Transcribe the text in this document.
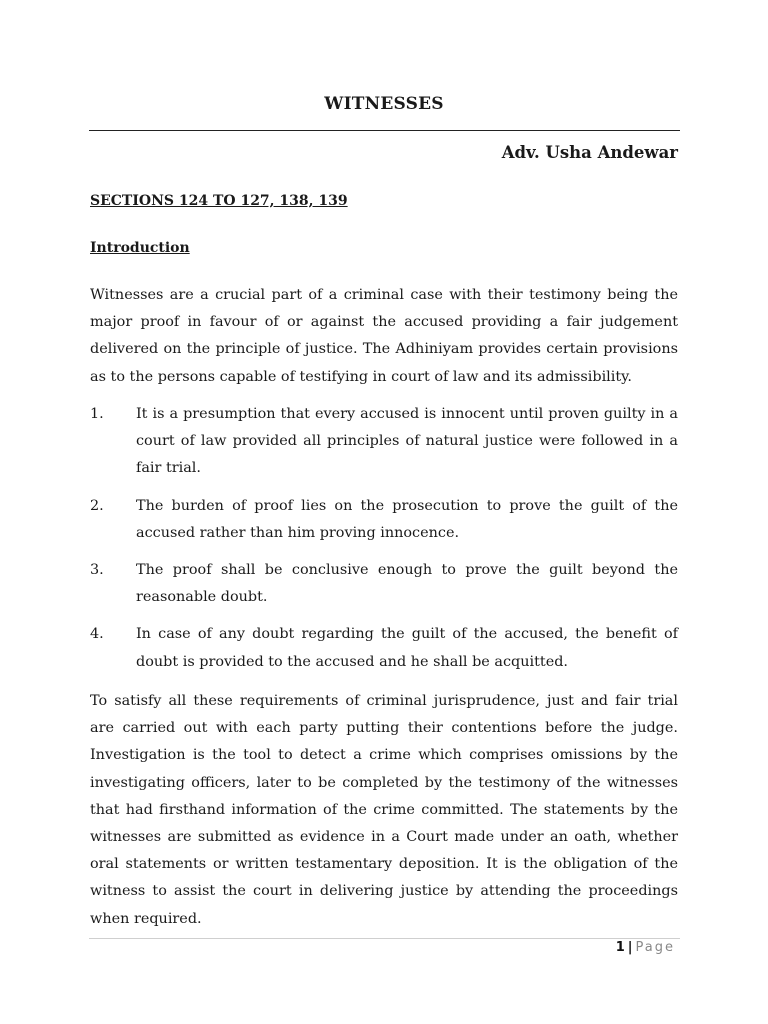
WITNESSES
Adv. Usha Andewar
SECTIONS 124 TO 127, 138, 139
Introduction
Witnesses are a crucial part of a criminal case with their testimony being the major proof in favour of or against the accused providing a fair judgement delivered on the principle of justice. The Adhiniyam provides certain provisions as to the persons capable of testifying in court of law and its admissibility.
1. It is a presumption that every accused is innocent until proven guilty in a court of law provided all principles of natural justice were followed in a fair trial.
2. The burden of proof lies on the prosecution to prove the guilt of the accused rather than him proving innocence.
3. The proof shall be conclusive enough to prove the guilt beyond the reasonable doubt.
4. In case of any doubt regarding the guilt of the accused, the benefit of doubt is provided to the accused and he shall be acquitted.
To satisfy all these requirements of criminal jurisprudence, just and fair trial are carried out with each party putting their contentions before the judge. Investigation is the tool to detect a crime which comprises omissions by the investigating officers, later to be completed by the testimony of the witnesses that had firsthand information of the crime committed. The statements by the witnesses are submitted as evidence in a Court made under an oath, whether oral statements or written testamentary deposition. It is the obligation of the witness to assist the court in delivering justice by attending the proceedings when required.
1 | Page
